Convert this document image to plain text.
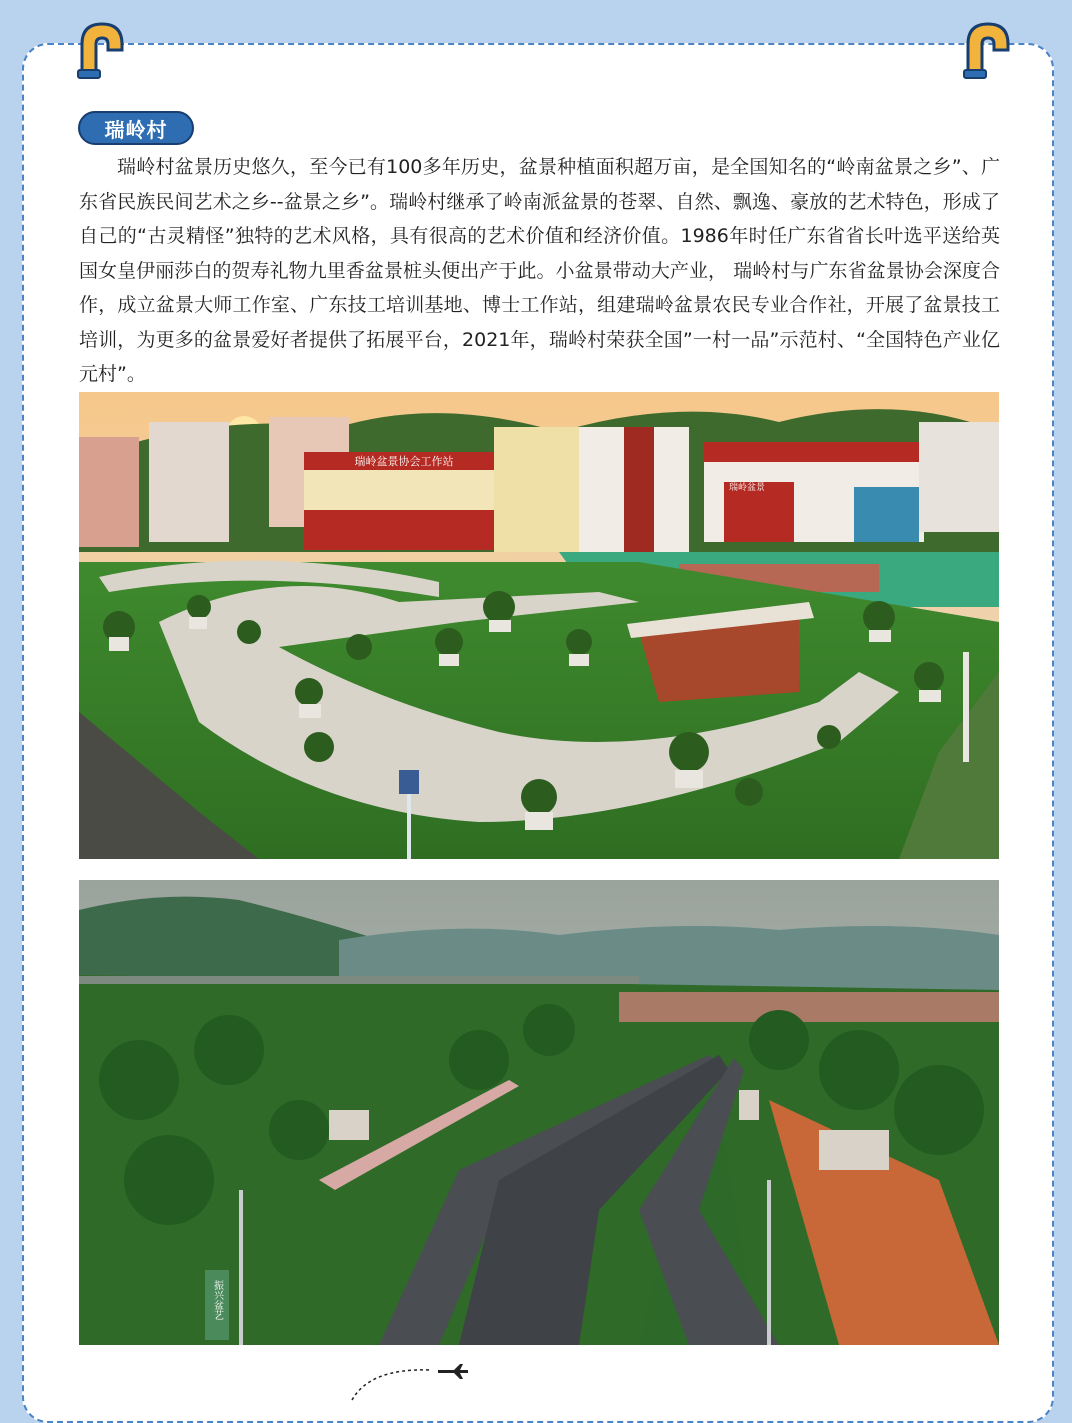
瑞岭村

瑞岭村盆景历史悠久，至今已有100多年历史，盆景种植面积超万亩，是全国知名的“岭南盆景之乡”、广东省民族民间艺术之乡--盆景之乡”。瑞岭村继承了岭南派盆景的苍翠、自然、飘逸、豪放的艺术特色，形成了自己的“古灵精怪”独特的艺术风格，具有很高的艺术价值和经济价值。1986年时任广东省省长叶选平送给英国女皇伊丽莎白的贺寿礼物九里香盆景桩头便出产于此。小盆景带动大产业， 瑞岭村与广东省盆景协会深度合作，成立盆景大师工作室、广东技工培训基地、博士工作站，组建瑞岭盆景农民专业合作社，开展了盆景技工培训，为更多的盆景爱好者提供了拓展平台，2021年，瑞岭村荣获全国”一村一品”示范村、“全国特色产业亿元村”。

瑞岭盆景协会工作站
瑞岭盆景
振兴盆艺
